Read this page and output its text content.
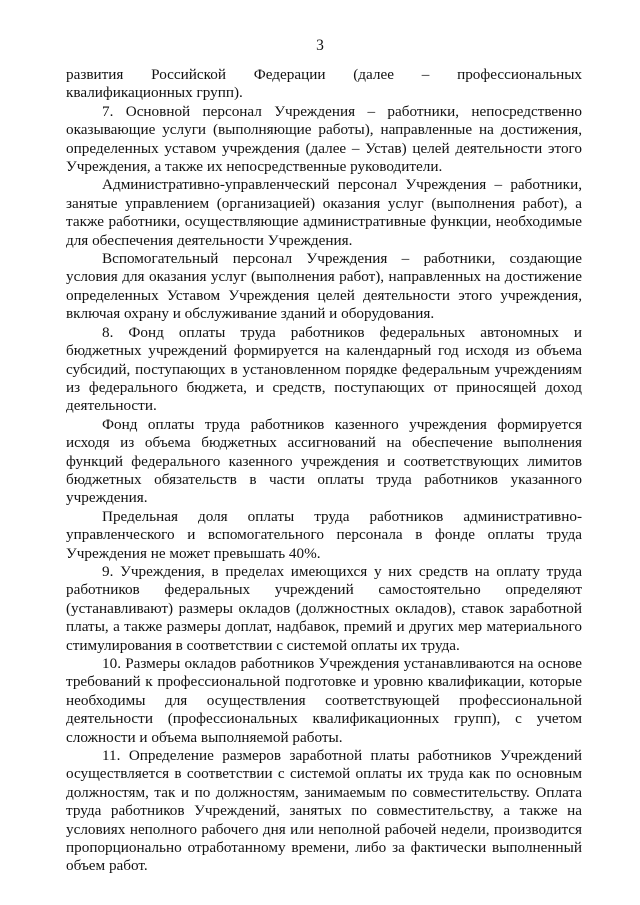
3

развития Российской Федерации (далее – профессиональных квалификационных групп).

7. Основной персонал Учреждения – работники, непосредственно оказывающие услуги (выполняющие работы), направленные на достижения, определенных уставом учреждения (далее – Устав) целей деятельности этого Учреждения, а также их непосредственные руководители.

Административно-управленческий персонал Учреждения – работники, занятые управлением (организацией) оказания услуг (выполнения работ), а также работники, осуществляющие административные функции, необходимые для обеспечения деятельности Учреждения.

Вспомогательный персонал Учреждения – работники, создающие условия для оказания услуг (выполнения работ), направленных на достижение определенных Уставом Учреждения целей деятельности этого учреждения, включая охрану и обслуживание зданий и оборудования.

8. Фонд оплаты труда работников федеральных автономных и бюджетных учреждений формируется на календарный год исходя из объема субсидий, поступающих в установленном порядке федеральным учреждениям из федерального бюджета, и средств, поступающих от приносящей доход деятельности.

Фонд оплаты труда работников казенного учреждения формируется исходя из объема бюджетных ассигнований на обеспечение выполнения функций федерального казенного учреждения и соответствующих лимитов бюджетных обязательств в части оплаты труда работников указанного учреждения.

Предельная доля оплаты труда работников административно-управленческого и вспомогательного персонала в фонде оплаты труда Учреждения не может превышать 40%.

9. Учреждения, в пределах имеющихся у них средств на оплату труда работников федеральных учреждений самостоятельно определяют (устанавливают) размеры окладов (должностных окладов), ставок заработной платы, а также размеры доплат, надбавок, премий и других мер материального стимулирования в соответствии с системой оплаты их труда.

10. Размеры окладов работников Учреждения устанавливаются на основе требований к профессиональной подготовке и уровню квалификации, которые необходимы для осуществления соответствующей профессиональной деятельности (профессиональных квалификационных групп), с учетом сложности и объема выполняемой работы.

11. Определение размеров заработной платы работников Учреждений осуществляется в соответствии с системой оплаты их труда как по основным должностям, так и по должностям, занимаемым по совместительству. Оплата труда работников Учреждений, занятых по совместительству, а также на условиях неполного рабочего дня или неполной рабочей недели, производится пропорционально отработанному времени, либо за фактически выполненный объем работ.
